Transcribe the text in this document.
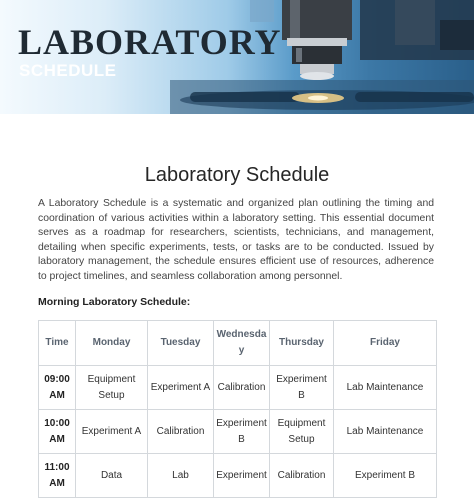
LABORATORY
SCHEDULE
Laboratory Schedule

A Laboratory Schedule is a systematic and organized plan outlining the timing and coordination of various activities within a laboratory setting. This essential document serves as a roadmap for researchers, scientists, technicians, and management, detailing when specific experiments, tests, or tasks are to be conducted. Issued by laboratory management, the schedule ensures efficient use of resources, adherence to project timelines, and seamless collaboration among personnel.

Morning Laboratory Schedule:
Time	Monday	Tuesday	Wednesday	Thursday	Friday
09:00 AM	Equipment Setup	Experiment A	Calibration	Experiment B	Lab Maintenance
10:00 AM	Experiment A	Calibration	Experiment B	Equipment Setup	Lab Maintenance
11:00 AM	Data	Lab	Experiment	Calibration	Experiment B
